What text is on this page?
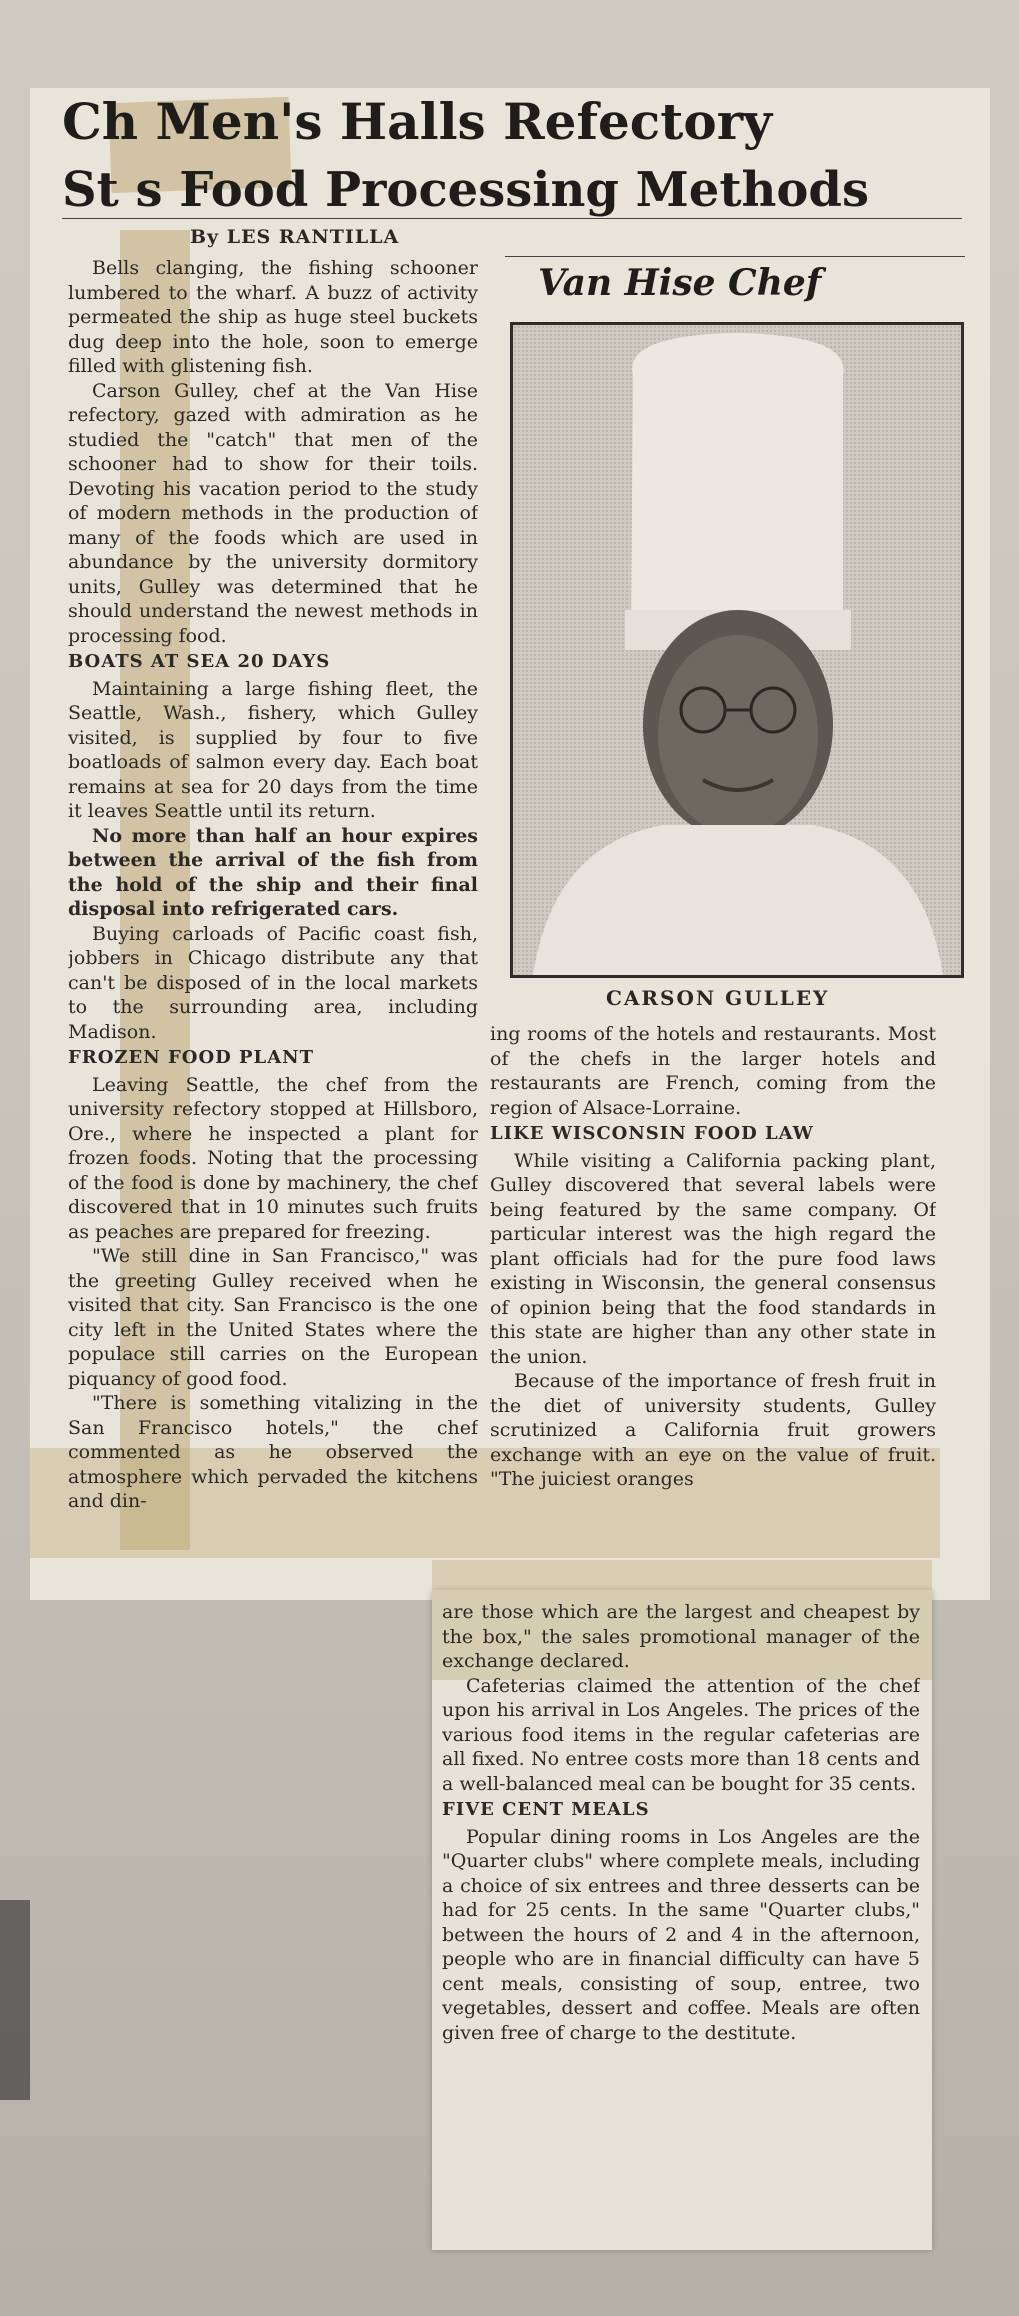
Ch Men's Halls Refectory
St s Food Processing Methods
By LES RANTILLA

Bells clanging, the fishing schooner lumbered to the wharf. A buzz of activity permeated the ship as huge steel buckets dug deep into the hole, soon to emerge filled with glistening fish.

Carson Gulley, chef at the Van Hise refectory, gazed with admiration as he studied the "catch" that men of the schooner had to show for their toils. Devoting his vacation period to the study of modern methods in the production of many of the foods which are used in abundance by the university dormitory units, Gulley was determined that he should understand the newest methods in processing food.

BOATS AT SEA 20 DAYS

Maintaining a large fishing fleet, the Seattle, Wash., fishery, which Gulley visited, is supplied by four to five boatloads of salmon every day. Each boat remains at sea for 20 days from the time it leaves Seattle until its return.

No more than half an hour expires between the arrival of the fish from the hold of the ship and their final disposal into refrigerated cars.

Buying carloads of Pacific coast fish, jobbers in Chicago distribute any that can't be disposed of in the local markets to the surrounding area, including Madison.

FROZEN FOOD PLANT

Leaving Seattle, the chef from the university refectory stopped at Hillsboro, Ore., where he inspected a plant for frozen foods. Noting that the processing of the food is done by machinery, the chef discovered that in 10 minutes such fruits as peaches are prepared for freezing.

"We still dine in San Francisco," was the greeting Gulley received when he visited that city. San Francisco is the one city left in the United States where the populace still carries on the European piquancy of good food.

"There is something vitalizing in the San Francisco hotels," the chef commented as he observed the atmosphere which pervaded the kitchens and din-

Van Hise Chef
CARSON GULLEY

ing rooms of the hotels and restaurants. Most of the chefs in the larger hotels and restaurants are French, coming from the region of Alsace-Lorraine.

LIKE WISCONSIN FOOD LAW

While visiting a California packing plant, Gulley discovered that several labels were being featured by the same company. Of particular interest was the high regard the plant officials had for the pure food laws existing in Wisconsin, the general consensus of opinion being that the food standards in this state are higher than any other state in the union.

Because of the importance of fresh fruit in the diet of university students, Gulley scrutinized a California fruit growers exchange with an eye on the value of fruit. "The juiciest oranges

are those which are the largest and cheapest by the box," the sales promotional manager of the exchange declared.

Cafeterias claimed the attention of the chef upon his arrival in Los Angeles. The prices of the various food items in the regular cafeterias are all fixed. No entree costs more than 18 cents and a well-balanced meal can be bought for 35 cents.

FIVE CENT MEALS

Popular dining rooms in Los Angeles are the "Quarter clubs" where complete meals, including a choice of six entrees and three desserts can be had for 25 cents. In the same "Quarter clubs," between the hours of 2 and 4 in the afternoon, people who are in financial difficulty can have 5 cent meals, consisting of soup, entree, two vegetables, dessert and coffee. Meals are often given free of charge to the destitute.
